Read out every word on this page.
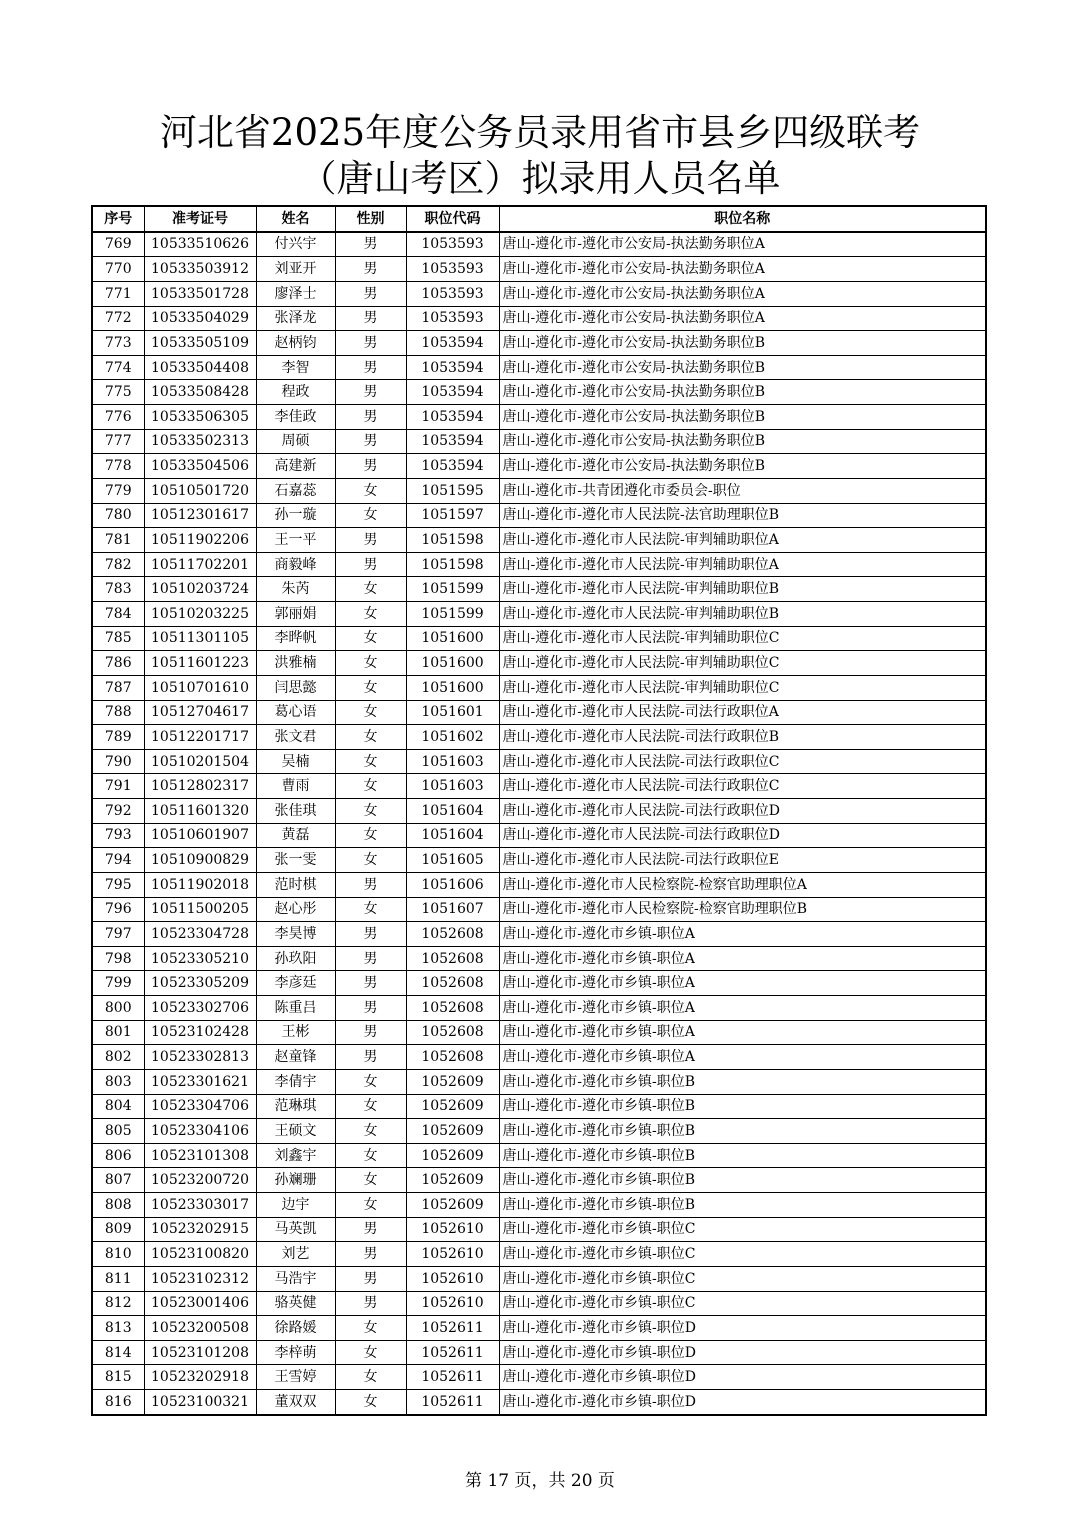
河北省2025年度公务员录用省市县乡四级联考
（唐山考区）拟录用人员名单
序号	准考证号	姓名	性别	职位代码	职位名称
769	10533510626	付兴宇	男	1053593	唐山-遵化市-遵化市公安局-执法勤务职位A
770	10533503912	刘亚开	男	1053593	唐山-遵化市-遵化市公安局-执法勤务职位A
771	10533501728	廖泽士	男	1053593	唐山-遵化市-遵化市公安局-执法勤务职位A
772	10533504029	张泽龙	男	1053593	唐山-遵化市-遵化市公安局-执法勤务职位A
773	10533505109	赵柄钧	男	1053594	唐山-遵化市-遵化市公安局-执法勤务职位B
774	10533504408	李智	男	1053594	唐山-遵化市-遵化市公安局-执法勤务职位B
775	10533508428	程政	男	1053594	唐山-遵化市-遵化市公安局-执法勤务职位B
776	10533506305	李佳政	男	1053594	唐山-遵化市-遵化市公安局-执法勤务职位B
777	10533502313	周硕	男	1053594	唐山-遵化市-遵化市公安局-执法勤务职位B
778	10533504506	高建新	男	1053594	唐山-遵化市-遵化市公安局-执法勤务职位B
779	10510501720	石嘉蕊	女	1051595	唐山-遵化市-共青团遵化市委员会-职位
780	10512301617	孙一璇	女	1051597	唐山-遵化市-遵化市人民法院-法官助理职位B
781	10511902206	王一平	男	1051598	唐山-遵化市-遵化市人民法院-审判辅助职位A
782	10511702201	商毅峰	男	1051598	唐山-遵化市-遵化市人民法院-审判辅助职位A
783	10510203724	朱芮	女	1051599	唐山-遵化市-遵化市人民法院-审判辅助职位B
784	10510203225	郭丽娟	女	1051599	唐山-遵化市-遵化市人民法院-审判辅助职位B
785	10511301105	李晔帆	女	1051600	唐山-遵化市-遵化市人民法院-审判辅助职位C
786	10511601223	洪雅楠	女	1051600	唐山-遵化市-遵化市人民法院-审判辅助职位C
787	10510701610	闫思懿	女	1051600	唐山-遵化市-遵化市人民法院-审判辅助职位C
788	10512704617	葛心语	女	1051601	唐山-遵化市-遵化市人民法院-司法行政职位A
789	10512201717	张文君	女	1051602	唐山-遵化市-遵化市人民法院-司法行政职位B
790	10510201504	吴楠	女	1051603	唐山-遵化市-遵化市人民法院-司法行政职位C
791	10512802317	曹雨	女	1051603	唐山-遵化市-遵化市人民法院-司法行政职位C
792	10511601320	张佳琪	女	1051604	唐山-遵化市-遵化市人民法院-司法行政职位D
793	10510601907	黄磊	女	1051604	唐山-遵化市-遵化市人民法院-司法行政职位D
794	10510900829	张一雯	女	1051605	唐山-遵化市-遵化市人民法院-司法行政职位E
795	10511902018	范时棋	男	1051606	唐山-遵化市-遵化市人民检察院-检察官助理职位A
796	10511500205	赵心彤	女	1051607	唐山-遵化市-遵化市人民检察院-检察官助理职位B
797	10523304728	李昊博	男	1052608	唐山-遵化市-遵化市乡镇-职位A
798	10523305210	孙玖阳	男	1052608	唐山-遵化市-遵化市乡镇-职位A
799	10523305209	李彦廷	男	1052608	唐山-遵化市-遵化市乡镇-职位A
800	10523302706	陈重吕	男	1052608	唐山-遵化市-遵化市乡镇-职位A
801	10523102428	王彬	男	1052608	唐山-遵化市-遵化市乡镇-职位A
802	10523302813	赵童锋	男	1052608	唐山-遵化市-遵化市乡镇-职位A
803	10523301621	李倩宇	女	1052609	唐山-遵化市-遵化市乡镇-职位B
804	10523304706	范琳琪	女	1052609	唐山-遵化市-遵化市乡镇-职位B
805	10523304106	王硕文	女	1052609	唐山-遵化市-遵化市乡镇-职位B
806	10523101308	刘鑫宇	女	1052609	唐山-遵化市-遵化市乡镇-职位B
807	10523200720	孙斓珊	女	1052609	唐山-遵化市-遵化市乡镇-职位B
808	10523303017	边宇	女	1052609	唐山-遵化市-遵化市乡镇-职位B
809	10523202915	马英凯	男	1052610	唐山-遵化市-遵化市乡镇-职位C
810	10523100820	刘艺	男	1052610	唐山-遵化市-遵化市乡镇-职位C
811	10523102312	马浩宇	男	1052610	唐山-遵化市-遵化市乡镇-职位C
812	10523001406	骆英健	男	1052610	唐山-遵化市-遵化市乡镇-职位C
813	10523200508	徐路媛	女	1052611	唐山-遵化市-遵化市乡镇-职位D
814	10523101208	李梓萌	女	1052611	唐山-遵化市-遵化市乡镇-职位D
815	10523202918	王雪婷	女	1052611	唐山-遵化市-遵化市乡镇-职位D
816	10523100321	董双双	女	1052611	唐山-遵化市-遵化市乡镇-职位D
第 17 页，共 20 页
